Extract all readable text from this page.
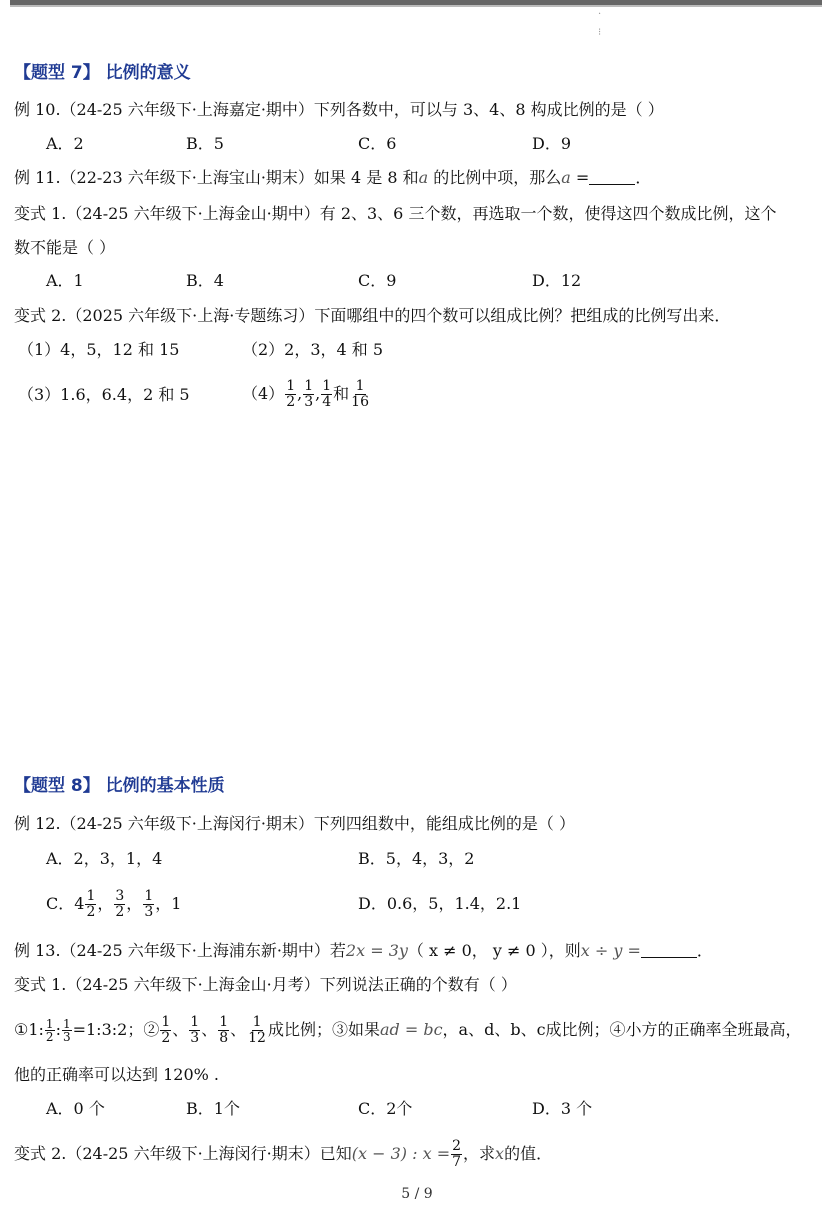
·
⁝
【题型 7】 比例的意义
例 10.（24-25 六年级下·上海嘉定·期中）下列各数中，可以与 3、4、8 构成比例的是（ ）
A．2	B．5	C．6	D．9
例 11.（22-23 六年级下·上海宝山·期末）如果 4 是 8 和a 的比例中项，那么a =	．
变式 1.（24-25 六年级下·上海金山·期中）有 2、3、6 三个数，再选取一个数，使得这四个数成比例，这个
数不能是（ ）
A．1	B．4	C．9	D．12
变式 2.（2025 六年级下·上海·专题练习）下面哪组中的四个数可以组成比例？把组成的比例写出来．
（1）4，5，12 和 15	（2）2，3，4 和 5
（3）1.6，6.4，2 和 5	$(4) \frac{1}{2}$ , $\frac{1}{3}$ , $\frac{1}{4}$ 和 $\frac{1}{16}$
【题型 8】 比例的基本性质
例 12.（24-25 六年级下·上海闵行·期末）下列四组数中，能组成比例的是（ ）
A．2，3，1，4	B．5，4，3，2
C． $4 \frac{1}{2}$ ， $\frac{3}{2}$ ， $\frac{1}{3}$ ，1	D．0.6，5，1.4，2.1
例 13.（24-25 六年级下·上海浦东新·期中）若2x = 3y（ x ≠ 0， y ≠ 0 ），则x ÷ y =	．
变式 1.（24-25 六年级下·上海金山·月考）下列说法正确的个数有（ ）
①1: $\frac{1}{2}$ : $\frac{1}{3}$ =1:3:2；② $\frac{1}{2}$ 、 $\frac{1}{3}$ 、 $\frac{1}{8}$ 、 $\frac{1}{12}$ 成比例；③如果 ad = bc ，a、d、b、c 成比例；④小方的正确率全班最高，
他的正确率可以达到 120% .
A．0 个	B．1个	C．2个	D．3 个
变式 2.（24-25 六年级下·上海闵行·期末）已知 (x − 3) : $x = \frac{2}{7}$ ，求 x 的值．
5 / 9
